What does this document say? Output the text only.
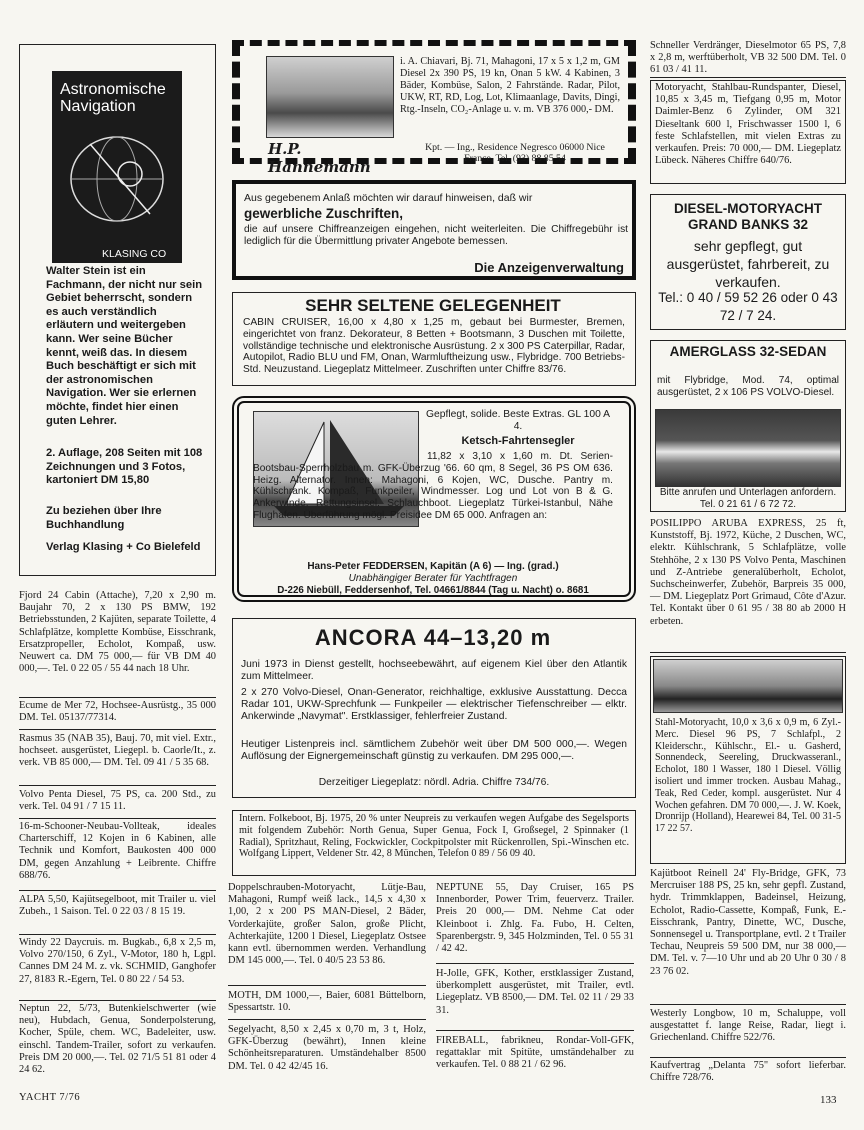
Astronomische Navigation
KLASING CO
Walter Stein ist ein Fachmann, der nicht nur sein Gebiet beherrscht, sondern es auch verständlich erläutern und weitergeben kann. Wer seine Bücher kennt, weiß das. In diesem Buch beschäftigt er sich mit der astronomischen Navigation. Wer sie erlernen möchte, findet hier einen guten Lehrer.
2. Auflage, 208 Seiten mit 108 Zeichnungen und 3 Fotos, kartoniert DM 15,80
Zu beziehen über Ihre Buchhandlung
Verlag Klasing + Co Bielefeld
Fjord 24 Cabin (Attache), 7,20 x 2,90 m. Baujahr 70, 2 x 130 PS BMW, 192 Betriebsstunden, 2 Kajüten, separate Toilette, 4 Schlafplätze, komplette Kombüse, Eisschrank, Ersatzpropeller, Echolot, Kompaß, usw. Neuwert ca. DM 75 000,— für VB DM 40 000,—. Tel. 0 22 05 / 55 44 nach 18 Uhr.
Ecume de Mer 72, Hochsee-Ausrüstg., 35 000 DM. Tel. 05137/77314.
Rasmus 35 (NAB 35), Bauj. 70, mit viel. Extr., hochseet. ausgerüstet, Liegepl. b. Caorle/It., z. verk. VB 85 000,— DM. Tel. 09 41 / 5 35 68.
Volvo Penta Diesel, 75 PS, ca. 200 Std., zu verk. Tel. 04 91 / 7 15 11.
16-m-Schooner-Neubau-Vollteak, ideales Charterschiff, 12 Kojen in 6 Kabinen, alle Technik und Komfort, Baukosten 400 000 DM, gegen Anzahlung + Leibrente. Chiffre 688/76.
ALPA 5,50, Kajütsegelboot, mit Trailer u. viel Zubeh., 1 Saison. Tel. 0 22 03 / 8 15 19.
Windy 22 Daycruis. m. Bugkab., 6,8 x 2,5 m, Volvo 270/150, 6 Zyl., V-Motor, 180 h, Lgpl. Cannes DM 24 M. z. vk. SCHMID, Ganghofer 27, 8183 R.-Egern, Tel. 0 80 22 / 54 53.
Neptun 22, 5/73, Butenkielschwerter (wie neu), Hubdach, Genua, Sonderpolsterung, Kocher, Spüle, chem. WC, Badeleiter, usw. einschl. Tandem-Trailer, sofort zu verkaufen. Preis DM 20 000,—. Tel. 02 71/5 51 81 oder 4 24 62.
i. A. Chiavari, Bj. 71, Mahagoni, 17 x 5 x 1,2 m, GM Diesel 2x 390 PS, 19 kn, Onan 5 kW. 4 Kabinen, 3 Bäder, Kombüse, Salon, 2 Fahrstände. Radar, Pilot, UKW, RT, RD, Log, Lot, Klimaanlage, Davits, Dingi, Rtg.-Inseln, CO₂-Anlage u. v. m. VB 376 000,- DM.
H.P. Hannemann
Kpt. — Ing., Residence Negresco 06000 Nice France, Tel. (93) 88 85 54
Aus gegebenem Anlaß möchten wir darauf hinweisen, daß wir
gewerbliche Zuschriften,
die auf unsere Chiffreanzeigen eingehen, nicht weiterleiten. Die Chiffregebühr ist lediglich für die Übermittlung privater Angebote bemessen.
Die Anzeigenverwaltung
SEHR SELTENE GELEGENHEIT
CABIN CRUISER, 16,00 x 4,80 x 1,25 m, gebaut bei Burmester, Bremen, eingerichtet von franz. Dekorateur, 8 Betten + Bootsmann, 3 Duschen mit Toilette, vollständige technische und elektronische Ausrüstung. 2 x 300 PS Caterpillar, Radar, Autopilot, Radio BLU und FM, Onan, Warmluftheizung usw., Flybridge. 700 Betriebs-Std. Neuzustand. Liegeplatz Mittelmeer. Zuschriften unter Chiffre 83/76.
Gepflegt, solide. Beste Extras. GL 100 A 4.
Ketsch-Fahrtensegler
11,82 x 3,10 x 1,60 m. Dt. Serien-Bootsbau-Sperrholzbau m. GFK-Überzug '66. 60 qm, 8 Segel, 36 PS OM 636. Heizg. Alternator. Innen: Mahagoni, 6 Kojen, WC, Dusche. Pantry m. Kühlschrank. Kompaß, Funkpeiler, Windmesser. Log und Lot von B & G. Ankerwinde. Rettungsinsel. Schlauchboot. Liegeplatz Türkei-Istanbul, Nähe Flughafen. Überführung mögl. Preisidee DM 65 000. Anfragen an:
Hans-Peter FEDDERSEN, Kapitän (A 6) — Ing. (grad.)
Unabhängiger Berater für Yachtfragen
D-226 Niebüll, Feddersenhof, Tel. 04661/8844 (Tag u. Nacht) o. 8681
ANCORA 44–13,20 m
Juni 1973 in Dienst gestellt, hochseebewährt, auf eigenem Kiel über den Atlantik zum Mittelmeer.
2 x 270 Volvo-Diesel, Onan-Generator, reichhaltige, exklusive Ausstattung. Decca Radar 101, UKW-Sprechfunk — Funkpeiler — elektrischer Tiefenschreiber — elktr. Ankerwinde „Navymat". Erstklassiger, fehlerfreier Zustand.
Heutiger Listenpreis incl. sämtlichem Zubehör weit über DM 500 000,—. Wegen Auflösung der Eignergemeinschaft günstig zu verkaufen. DM 295 000,—.
Derzeitiger Liegeplatz: nördl. Adria. Chiffre 734/76.
Intern. Folkeboot, Bj. 1975, 20 % unter Neupreis zu verkaufen wegen Aufgabe des Segelsports mit folgendem Zubehör: North Genua, Super Genua, Fock I, Großsegel, 2 Spinnaker (1 Radial), Spritzhaut, Reling, Fockwickler, Cockpitpolster mit Rückenrollen, Spi.-Winschen etc. Wolfgang Lippert, Veldener Str. 42, 8 München, Telefon 0 89 / 56 09 40.
Doppelschrauben-Motoryacht, Lütje-Bau, Mahagoni, Rumpf weiß lack., 14,5 x 4,30 x 1,00, 2 x 200 PS MAN-Diesel, 2 Bäder, Vorderkajüte, großer Salon, große Plicht, Achterkajüte, 1200 l Diesel, Liegeplatz Ostsee kann evtl. übernommen werden. Verhandlung DM 145 000,—. Tel. 0 40/5 23 53 86.
MOTH, DM 1000,—, Baier, 6081 Büttelborn, Spessartstr. 10.
Segelyacht, 8,50 x 2,45 x 0,70 m, 3 t, Holz, GFK-Überzug (bewährt), Innen kleine Schönheitsreparaturen. Umständehalber 8500 DM. Tel. 0 42 42/45 16.
NEPTUNE 55, Day Cruiser, 165 PS Innenborder, Power Trim, feuerverz. Trailer. Preis 20 000,— DM. Nehme Cat oder Kleinboot i. Zhlg. Fa. Fubo, H. Celten, Sparenbergstr. 9, 345 Holzminden, Tel. 0 55 31 / 42 42.
H-Jolle, GFK, Kother, erstklassiger Zustand, überkomplett ausgerüstet, mit Trailer, evtl. Liegeplatz. VB 8500,— DM. Tel. 02 11 / 29 33 31.
FIREBALL, fabrikneu, Rondar-Voll-GFK, regattaklar mit Spitüte, umständehalber zu verkaufen. Tel. 0 88 21 / 62 96.
Schneller Verdränger, Dieselmotor 65 PS, 7,8 x 2,8 m, werftüberholt, VB 32 500 DM. Tel. 0 61 03 / 41 11.
Motoryacht, Stahlbau-Rundspanter, Diesel, 10,85 x 3,45 m, Tiefgang 0,95 m, Motor Daimler-Benz 6 Zylinder, OM 321 Dieseltank 600 l, Frischwasser 1500 l, 6 feste Schlafstellen, mit vielen Extras zu verkaufen. Preis: 70 000,— DM. Liegeplatz Lübeck. Näheres Chiffre 640/76.
DIESEL-MOTORYACHT GRAND BANKS 32
sehr gepflegt, gut ausgerüstet, fahrbereit, zu verkaufen.
Tel.: 0 40 / 59 52 26 oder 0 43 72 / 7 24.
AMERGLASS 32-SEDAN
mit Flybridge, Mod. 74, optimal ausgerüstet, 2 x 106 PS VOLVO-Diesel.
Bitte anrufen und Unterlagen anfordern. Tel. 0 21 61 / 6 72 72.
POSILIPPO ARUBA EXPRESS, 25 ft, Kunststoff, Bj. 1972, Küche, 2 Duschen, WC, elektr. Kühlschrank, 5 Schlafplätze, volle Stehhöhe, 2 x 130 PS Volvo Penta, Maschinen und Z-Antriebe generalüberholt, Echolot, Suchscheinwerfer, Zubehör, Barpreis 35 000,— DM. Liegeplatz Port Grimaud, Côte d'Azur. Tel. Kontakt über 0 61 95 / 38 80 ab 2000 H erbeten.
Stahl-Motoryacht, 10,0 x 3,6 x 0,9 m, 6 Zyl.-Merc. Diesel 96 PS, 7 Schlafpl., 2 Kleiderschr., Kühlschr., El.- u. Gasherd, Sonnendeck, Seereling, Druckwasseranl., Echolot, 180 l Wasser, 180 l Diesel. Völlig isoliert und immer trocken. Ausbau Mahag., Teak, Red Ceder, kompl. ausgerüstet. Nur 4 Wochen gefahren. DM 70 000,—. J. W. Koek, Dronrijp (Holland), Hearewei 84, Tel. 00 31-5 17 22 57.
Kajütboot Reinell 24' Fly-Bridge, GFK, 73 Mercruiser 188 PS, 25 kn, sehr gepfl. Zustand, hydr. Trimmklappen, Badeinsel, Heizung, Echolot, Radio-Cassette, Kompaß, Funk, E.-Eisschrank, Pantry, Dinette, WC, Dusche, Sonnensegel u. Transportplane, evtl. 2 t Trailer Techau, Neupreis 59 500 DM, nur 38 000,— DM. Tel. v. 7—10 Uhr und ab 20 Uhr 0 30 / 8 23 76 02.
Westerly Longbow, 10 m, Schaluppe, voll ausgestattet f. lange Reise, Radar, liegt i. Griechenland. Chiffre 522/76.
Kaufvertrag „Delanta 75" sofort lieferbar. Chiffre 728/76.
YACHT 7/76	133
